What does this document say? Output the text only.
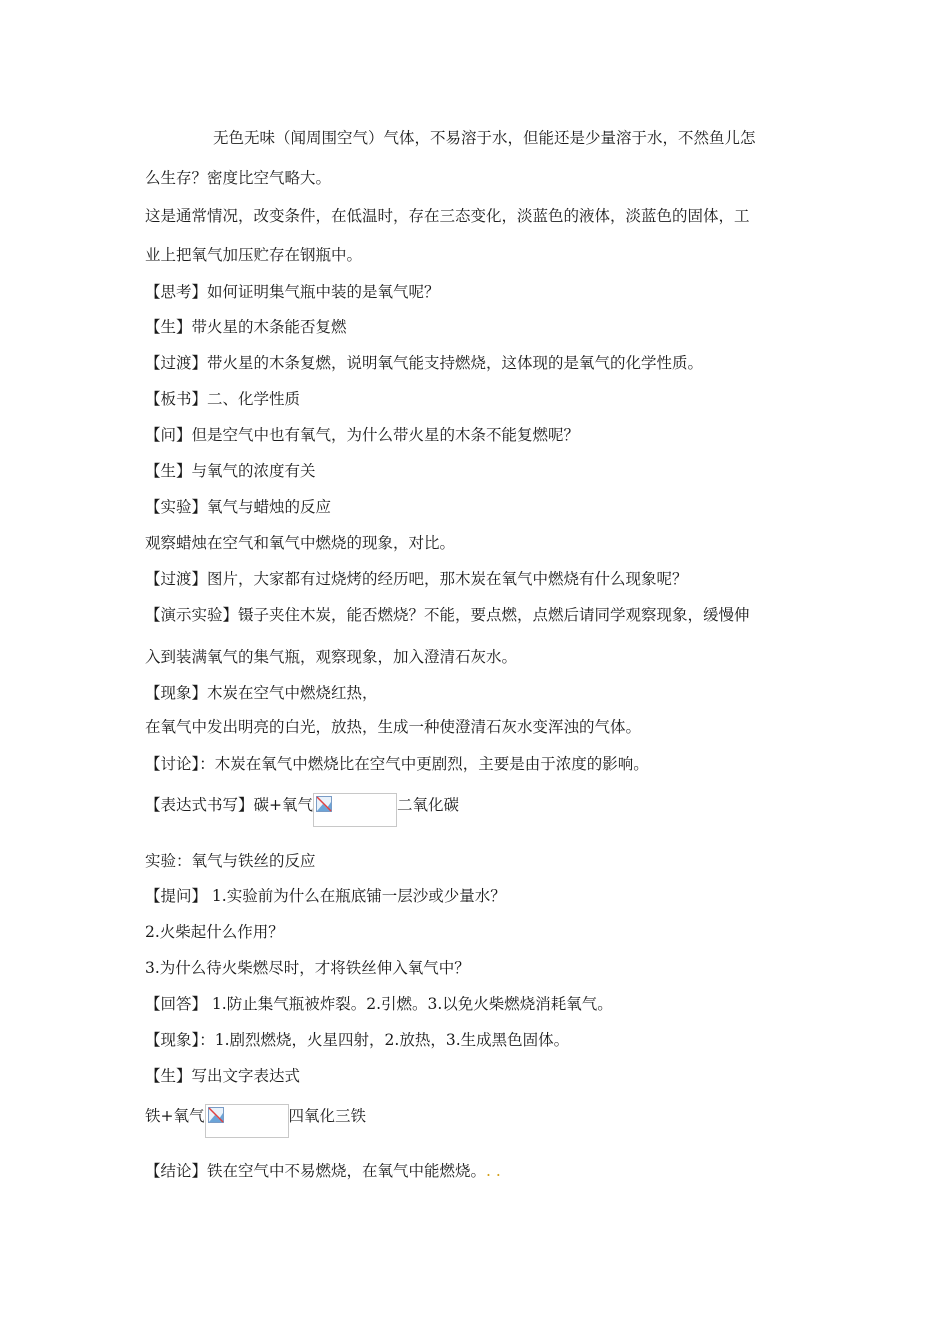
无色无味（闻周围空气）气体，不易溶于水，但能还是少量溶于水，不然鱼儿怎
么生存？密度比空气略大。
这是通常情况，改变条件，在低温时，存在三态变化，淡蓝色的液体，淡蓝色的固体，工
业上把氧气加压贮存在钢瓶中。
【思考】如何证明集气瓶中装的是氧气呢？
【生】带火星的木条能否复燃
【过渡】带火星的木条复燃，说明氧气能支持燃烧，这体现的是氧气的化学性质。
【板书】二、化学性质
【问】但是空气中也有氧气，为什么带火星的木条不能复燃呢？
【生】与氧气的浓度有关
【实验】氧气与蜡烛的反应
观察蜡烛在空气和氧气中燃烧的现象，对比。
【过渡】图片，大家都有过烧烤的经历吧，那木炭在氧气中燃烧有什么现象呢？
【演示实验】镊子夹住木炭，能否燃烧？不能，要点燃，点燃后请同学观察现象，缓慢伸
入到装满氧气的集气瓶，观察现象，加入澄清石灰水。
【现象】木炭在空气中燃烧红热，
在氧气中发出明亮的白光，放热，生成一种使澄清石灰水变浑浊的气体。
【讨论】：木炭在氧气中燃烧比在空气中更剧烈，主要是由于浓度的影响。
【表达式书写】碳+氧气	二氧化碳
实验：氧气与铁丝的反应
【提问】 1.实验前为什么在瓶底铺一层沙或少量水？
2.火柴起什么作用？
3.为什么待火柴燃尽时，才将铁丝伸入氧气中？
【回答】 1.防止集气瓶被炸裂。2.引燃。3.以免火柴燃烧消耗氧气。
【现象】：1.剧烈燃烧，火星四射，2.放热，3.生成黑色固体。
【生】写出文字表达式
铁+氧气	四氧化三铁
【结论】铁在空气中不易燃烧，在氧气中能燃烧。. .
